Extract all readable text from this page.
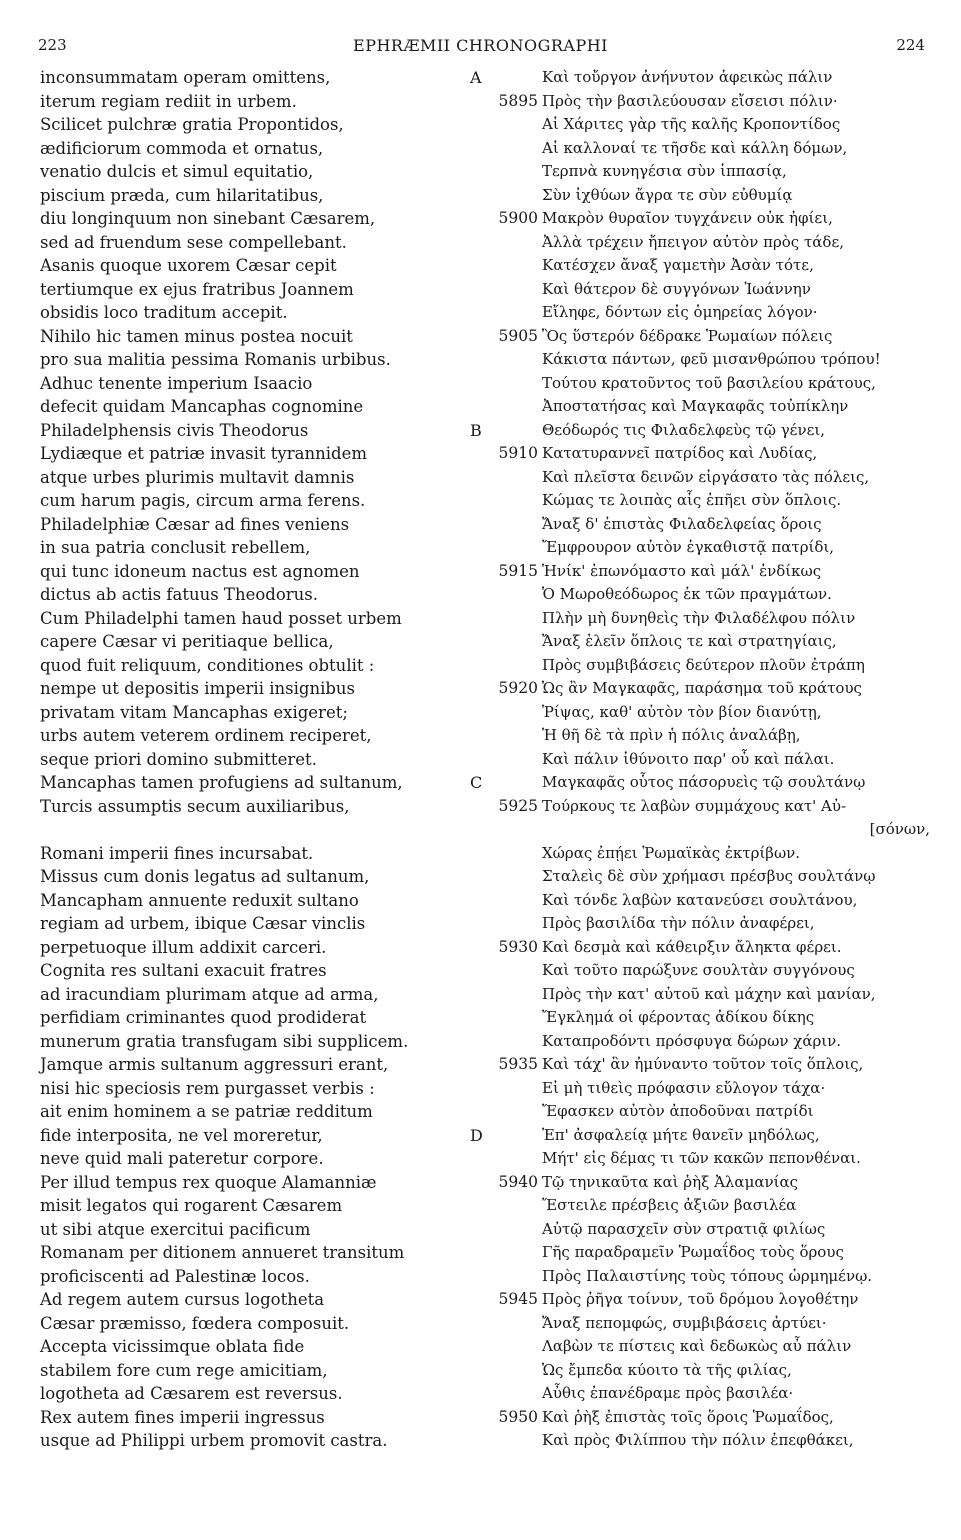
223	EPHRÆMII CHRONOGRAPHI	224
inconsummatam operam omittens,
iterum regiam rediit in urbem.
Scilicet pulchræ gratia Propontidos,
ædificiorum commoda et ornatus,
venatio dulcis et simul equitatio,
piscium præda, cum hilaritatibus,
diu longinquum non sinebant Cæsarem,
sed ad fruendum sese compellebant.
Asanis quoque uxorem Cæsar cepit
tertiumque ex ejus fratribus Joannem
obsidis loco traditum accepit.
Nihilo hic tamen minus postea nocuit
pro sua malitia pessima Romanis urbibus.
Adhuc tenente imperium Isaacio
defecit quidam Mancaphas cognomine
Philadelphensis civis Theodorus
Lydiæque et patriæ invasit tyrannidem
atque urbes plurimis multavit damnis
cum harum pagis, circum arma ferens.
Philadelphiæ Cæsar ad fines veniens
in sua patria conclusit rebellem,
qui tunc idoneum nactus est agnomen
dictus ab actis fatuus Theodorus.
Cum Philadelphi tamen haud posset urbem
capere Cæsar vi peritiaque bellica,
quod fuit reliquum, conditiones obtulit :
nempe ut depositis imperii insignibus
privatam vitam Mancaphas exigeret;
urbs autem veterem ordinem reciperet,
seque priori domino submitteret.
Mancaphas tamen profugiens ad sultanum,
Turcis assumptis secum auxiliaribus,
Romani imperii fines incursabat.
Missus cum donis legatus ad sultanum,
Mancapham annuente reduxit sultano
regiam ad urbem, ibique Cæsar vinclis
perpetuoque illum addixit carceri.
Cognita res sultani exacuit fratres
ad iracundiam plurimam atque ad arma,
perfidiam criminantes quod prodiderat
munerum gratia transfugam sibi supplicem.
Jamque armis sultanum aggressuri erant,
nisi hic speciosis rem purgasset verbis :
ait enim hominem a se patriæ redditum
fide interposita, ne vel moreretur,
neve quid mali pateretur corpore.
Per illud tempus rex quoque Alamanniæ
misit legatos qui rogarent Cæsarem
ut sibi atque exercitui pacificum
Romanam per ditionem annueret transitum
proficiscenti ad Palestinæ locos.
Ad regem autem cursus logotheta
Cæsar præmisso, fœdera composuit.
Accepta vicissimque oblata fide
stabilem fore cum rege amicitiam,
logotheta ad Cæsarem est reversus.
Rex autem fines imperii ingressus
usque ad Philippi urbem promovit castra.
A	Καὶ τοὔργον ἀνήνυτον ἀφεικὼς πάλιν
5895 Πρὸς τὴν βασιλεύουσαν εἴσεισι πόλιν·
Αἱ Χάριτες γὰρ τῆς καλῆς Κροποντίδος
Αἱ καλλοναί τε τῆσδε καὶ κάλλη δόμων,
Τερπνὰ κυνηγέσια σὺν ἱππασίᾳ,
Σὺν ἰχθύων ἄγρα τε σὺν εὐθυμίᾳ
5900 Μακρὸν θυραῖον τυγχάνειν οὐκ ἠφίει,
Ἀλλὰ τρέχειν ἤπειγον αὐτὸν πρὸς τάδε,
Κατέσχεν ἄναξ γαμετὴν Ἀσὰν τότε,
Καὶ θάτερον δὲ συγγόνων Ἰωάννην
Εἴληφε, δόντων εἰς ὁμηρείας λόγον·
5905 Ὃς ὕστερόν δέδρακε Ῥωμαίων πόλεις
Κάκιστα πάντων, φεῦ μισανθρώπου τρόπου!
Τούτου κρατοῦντος τοῦ βασιλείου κράτους,
Ἀποστατήσας καὶ Μαγκαφᾶς τοὐπίκλην
B	Θεόδωρός τις Φιλαδελφεὺς τῷ γένει,
5910 Κατατυραννεῖ πατρίδος καὶ Λυδίας,
Καὶ πλεῖστα δεινῶν εἰργάσατο τὰς πόλεις,
Κώμας τε λοιπὰς αἷς ἐπῆει σὺν ὅπλοις.
Ἄναξ δ' ἐπιστὰς Φιλαδελφείας ὅροις
Ἔμφρουρον αὐτὸν ἐγκαθιστᾷ πατρίδι,
5915 Ἡνίκ' ἐπωνόμαστο καὶ μάλ' ἐνδίκως
Ὁ Μωροθεόδωρος ἐκ τῶν πραγμάτων.
Πλὴν μὴ δυνηθεὶς τὴν Φιλαδέλφου πόλιν
Ἄναξ ἑλεῖν ὅπλοις τε καὶ στρατηγίαις,
Πρὸς συμβιβάσεις δεύτερον πλοῦν ἐτράπη
5920 Ὡς ἂν Μαγκαφᾶς, παράσημα τοῦ κράτους
Ῥίψας, καθ' αὑτὸν τὸν βίον διανύτῃ,
Ἡ θῆ δὲ τὰ πρὶν ἡ πόλις ἀναλάβῃ,
Καὶ πάλιν ἰθύνοιτο παρ' οὗ καὶ πάλαι.
C	Μαγκαφᾶς οὗτος πάσορυεὶς τῷ σουλτάνῳ
5925 Τούρκους τε λαβὼν συμμάχους κατ' Αὐ-
[σόνων,
Χώρας ἐπῄει Ῥωμαϊκὰς ἐκτρίβων.
Σταλεὶς δὲ σὺν χρήμασι πρέσβυς σουλτάνῳ
Καὶ τόνδε λαβὼν κατανεύσει σουλτάνου,
Πρὸς βασιλίδα τὴν πόλιν ἀναφέρει,
5930 Καὶ δεσμὰ καὶ κάθειρξιν ἄληκτα φέρει.
Καὶ τοῦτο παρώξυνε σουλτὰν συγγόνους
Πρὸς τὴν κατ' αὐτοῦ καὶ μάχην καὶ μανίαν,
Ἔγκλημά οἱ φέροντας ἀδίκου δίκης
Καταπροδόντι πρόσφυγα δώρων χάριν.
5935 Καὶ τάχ' ἂν ἠμύναντο τοῦτον τοῖς ὅπλοις,
Εἰ μὴ τιθεὶς πρόφασιν εὔλογον τάχα·
Ἔφασκεν αὐτὸν ἀποδοῦναι πατρίδι
D	Ἐπ' ἀσφαλείᾳ μήτε θανεῖν μηδόλως,
Μήτ' εἰς δέμας τι τῶν κακῶν πεπονθέναι.
5940 Τῷ τηνικαῦτα καὶ ῥὴξ Ἀλαμανίας
Ἔστειλε πρέσβεις ἀξιῶν βασιλέα
Αὐτῷ παρασχεῖν σὺν στρατιᾷ φιλίως
Γῆς παραδραμεῖν Ῥωμαΐδος τοὺς ὅρους
Πρὸς Παλαιστίνης τοὺς τόπους ὡρμημένῳ.
5945 Πρὸς ῥῆγα τοίνυν, τοῦ δρόμου λογοθέτην
Ἄναξ πεπομφώς, συμβιβάσεις ἀρτύει·
Λαβὼν τε πίστεις καὶ δεδωκὼς αὖ πάλιν
Ὡς ἔμπεδα κύοιτο τὰ τῆς φιλίας,
Αὖθις ἐπανέδραμε πρὸς βασιλέα·
5950 Καὶ ῥὴξ ἐπιστὰς τοῖς ὅροις Ῥωμαΐδος,
Καὶ πρὸς Φιλίππου τὴν πόλιν ἐπεφθάκει,
